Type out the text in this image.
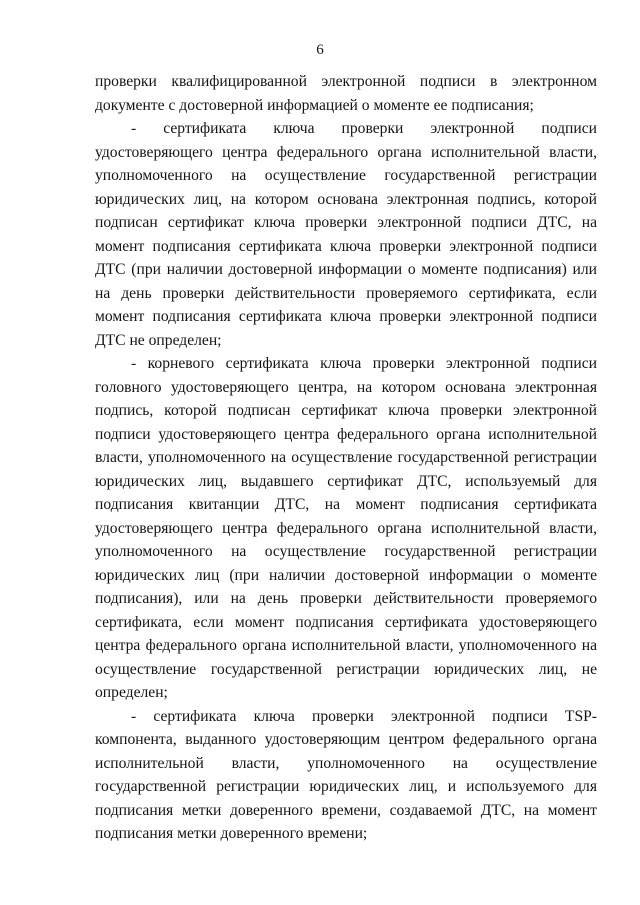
6

проверки квалифицированной электронной подписи в электронном документе с достоверной информацией о моменте ее подписания;

- сертификата ключа проверки электронной подписи удостоверяющего центра федерального органа исполнительной власти, уполномоченного на осуществление государственной регистрации юридических лиц, на котором основана электронная подпись, которой подписан сертификат ключа проверки электронной подписи ДТС, на момент подписания сертификата ключа проверки электронной подписи ДТС (при наличии достоверной информации о моменте подписания) или на день проверки действительности проверяемого сертификата, если момент подписания сертификата ключа проверки электронной подписи ДТС не определен;

- корневого сертификата ключа проверки электронной подписи головного удостоверяющего центра, на котором основана электронная подпись, которой подписан сертификат ключа проверки электронной подписи удостоверяющего центра федерального органа исполнительной власти, уполномоченного на осуществление государственной регистрации юридических лиц, выдавшего сертификат ДТС, используемый для подписания квитанции ДТС, на момент подписания сертификата удостоверяющего центра федерального органа исполнительной власти, уполномоченного на осуществление государственной регистрации юридических лиц (при наличии достоверной информации о моменте подписания), или на день проверки действительности проверяемого сертификата, если момент подписания сертификата удостоверяющего центра федерального органа исполнительной власти, уполномоченного на осуществление государственной регистрации юридических лиц, не определен;

- сертификата ключа проверки электронной подписи TSP-компонента, выданного удостоверяющим центром федерального органа исполнительной власти, уполномоченного на осуществление государственной регистрации юридических лиц, и используемого для подписания метки доверенного времени, создаваемой ДТС, на момент подписания метки доверенного времени;
